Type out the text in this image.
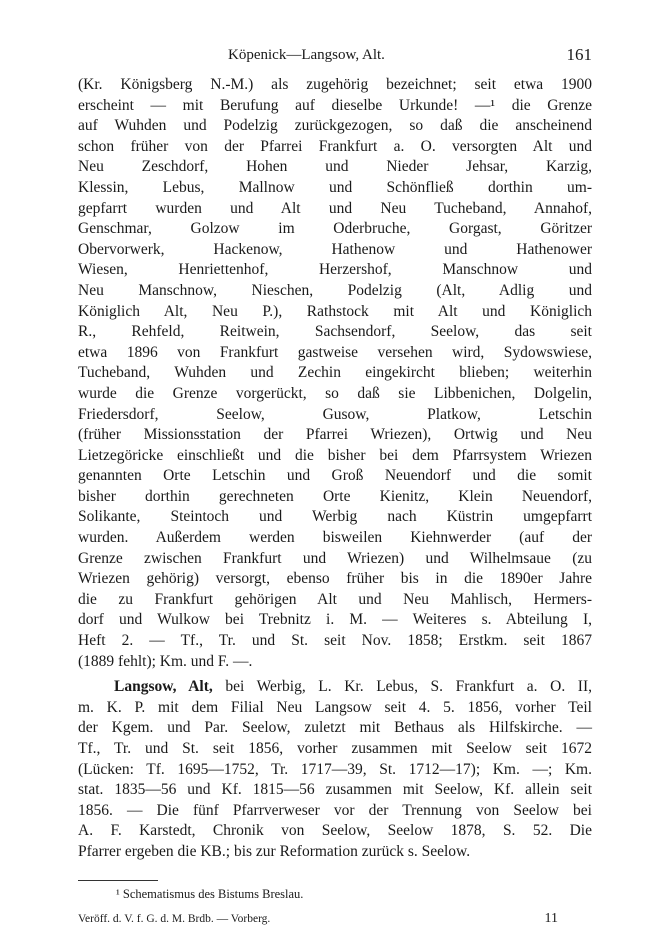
Köpenick—Langsow, Alt.	161
(Kr. Königsberg N.-M.) als zugehörig bezeichnet; seit etwa 1900
erscheint — mit Berufung auf dieselbe Urkunde! —¹ die Grenze
auf Wuhden und Podelzig zurückgezogen, so daß die anscheinend
schon früher von der Pfarrei Frankfurt a. O. versorgten Alt und
Neu Zeschdorf, Hohen und Nieder Jehsar, Karzig,
Klessin, Lebus, Mallnow und Schönfließ dorthin um-
gepfarrt wurden und Alt und Neu Tucheband, Annahof,
Genschmar, Golzow im Oderbruche, Gorgast, Göritzer
Obervorwerk, Hackenow, Hathenow und Hathenower
Wiesen, Henriettenhof, Herzershof, Manschnow und
Neu Manschnow, Nieschen, Podelzig (Alt, Adlig und
Königlich Alt, Neu P.), Rathstock mit Alt und Königlich
R., Rehfeld, Reitwein, Sachsendorf, Seelow, das seit
etwa 1896 von Frankfurt gastweise versehen wird, Sydowswiese,
Tucheband, Wuhden und Zechin eingekircht blieben; weiterhin
wurde die Grenze vorgerückt, so daß sie Libbenichen, Dolgelin,
Friedersdorf, Seelow, Gusow, Platkow, Letschin
(früher Missionsstation der Pfarrei Wriezen), Ortwig und Neu
Lietzegöricke einschließt und die bisher bei dem Pfarrsystem Wriezen
genannten Orte Letschin und Groß Neuendorf und die somit
bisher dorthin gerechneten Orte Kienitz, Klein Neuendorf,
Solikante, Steintoch und Werbig nach Küstrin umgepfarrt
wurden. Außerdem werden bisweilen Kiehnwerder (auf der
Grenze zwischen Frankfurt und Wriezen) und Wilhelmsaue (zu
Wriezen gehörig) versorgt, ebenso früher bis in die 1890er Jahre
die zu Frankfurt gehörigen Alt und Neu Mahlisch, Hermers-
dorf und Wulkow bei Trebnitz i. M. — Weiteres s. Abteilung I,
Heft 2. — Tf., Tr. und St. seit Nov. 1858; Erstkm. seit 1867
(1889 fehlt); Km. und F. —.
Langsow, Alt, bei Werbig, L. Kr. Lebus, S. Frankfurt a. O. II,
m. K. P. mit dem Filial Neu Langsow seit 4. 5. 1856, vorher Teil
der Kgem. und Par. Seelow, zuletzt mit Bethaus als Hilfskirche. —
Tf., Tr. und St. seit 1856, vorher zusammen mit Seelow seit 1672
(Lücken: Tf. 1695—1752, Tr. 1717—39, St. 1712—17); Km. —; Km.
stat. 1835—56 und Kf. 1815—56 zusammen mit Seelow, Kf. allein seit
1856. — Die fünf Pfarrverweser vor der Trennung von Seelow bei
A. F. Karstedt, Chronik von Seelow, Seelow 1878, S. 52. Die
Pfarrer ergeben die KB.; bis zur Reformation zurück s. Seelow.
¹ Schematismus des Bistums Breslau.
Veröff. d. V. f. G. d. M. Brdb. — Vorberg.	11
